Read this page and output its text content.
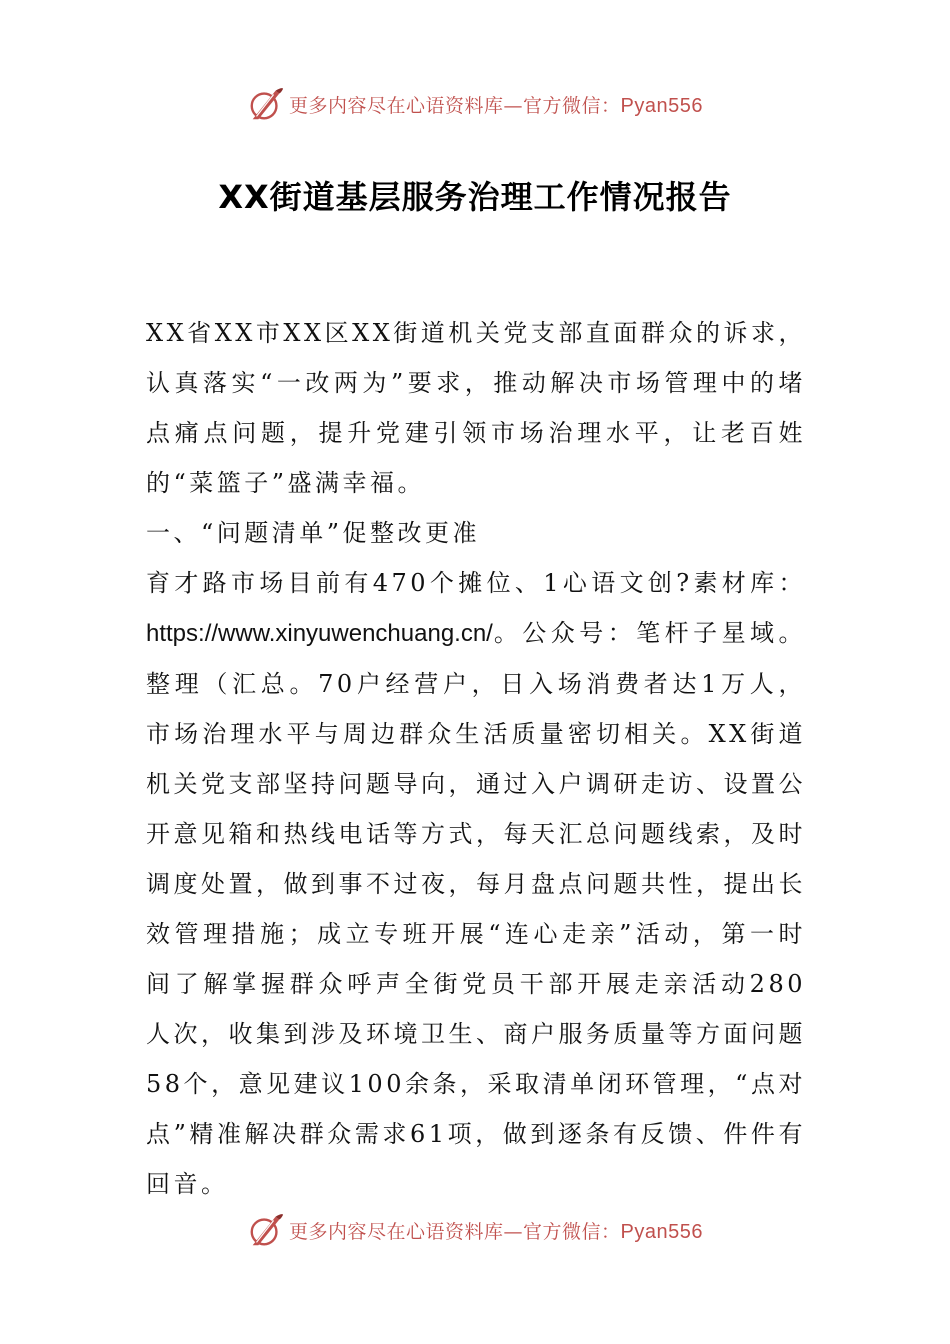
更多内容尽在心语资料库—官方微信：Pyan556
XX街道基层服务治理工作情况报告

XX省XX市XX区XX街道机关党支部直面群众的诉求，认真落实“一改两为”要求，推动解决市场管理中的堵点痛点问题，提升党建引领市场治理水平，让老百姓的“菜篮子”盛满幸福。

一、“问题清单”促整改更准

育才路市场目前有470个摊位、1心语文创?素材库：https://www.xinyuwenchuang.cn/。公众号：笔杆子星域。整理（汇总。70户经营户，日入场消费者达1万人，市场治理水平与周边群众生活质量密切相关。XX街道机关党支部坚持问题导向，通过入户调研走访、设置公开意见箱和热线电话等方式，每天汇总问题线索，及时调度处置，做到事不过夜，每月盘点问题共性，提出长效管理措施；成立专班开展“连心走亲”活动，第一时间了解掌握群众呼声全街党员干部开展走亲活动280人次，收集到涉及环境卫生、商户服务质量等方面问题58个，意见建议100余条，采取清单闭环管理，“点对点”精准解决群众需求61项，做到逐条有反馈、件件有回音。

更多内容尽在心语资料库—官方微信：Pyan556
